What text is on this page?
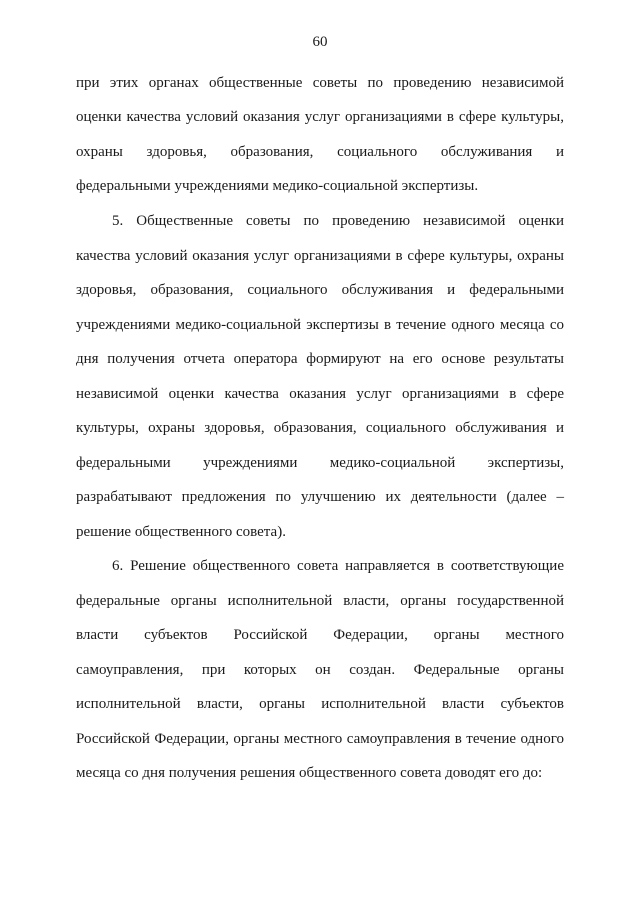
60
при этих органах общественные советы по проведению независимой
оценки качества условий оказания услуг организациями в сфере культуры,
охраны здоровья, образования, социального обслуживания и
федеральными учреждениями медико-социальной экспертизы.
5. Общественные советы по проведению независимой оценки
качества условий оказания услуг организациями в сфере культуры, охраны
здоровья, образования, социального обслуживания и федеральными
учреждениями медико-социальной экспертизы в течение одного месяца со
дня получения отчета оператора формируют на его основе результаты
независимой оценки качества оказания услуг организациями в сфере
культуры, охраны здоровья, образования, социального обслуживания и
федеральными учреждениями медико-социальной экспертизы,
разрабатывают предложения по улучшению их деятельности (далее –
решение общественного совета).
6. Решение общественного совета направляется в соответствующие
федеральные органы исполнительной власти, органы государственной
власти субъектов Российской Федерации, органы местного
самоуправления, при которых он создан. Федеральные органы
исполнительной власти, органы исполнительной власти субъектов
Российской Федерации, органы местного самоуправления в течение одного
месяца со дня получения решения общественного совета доводят его до:
